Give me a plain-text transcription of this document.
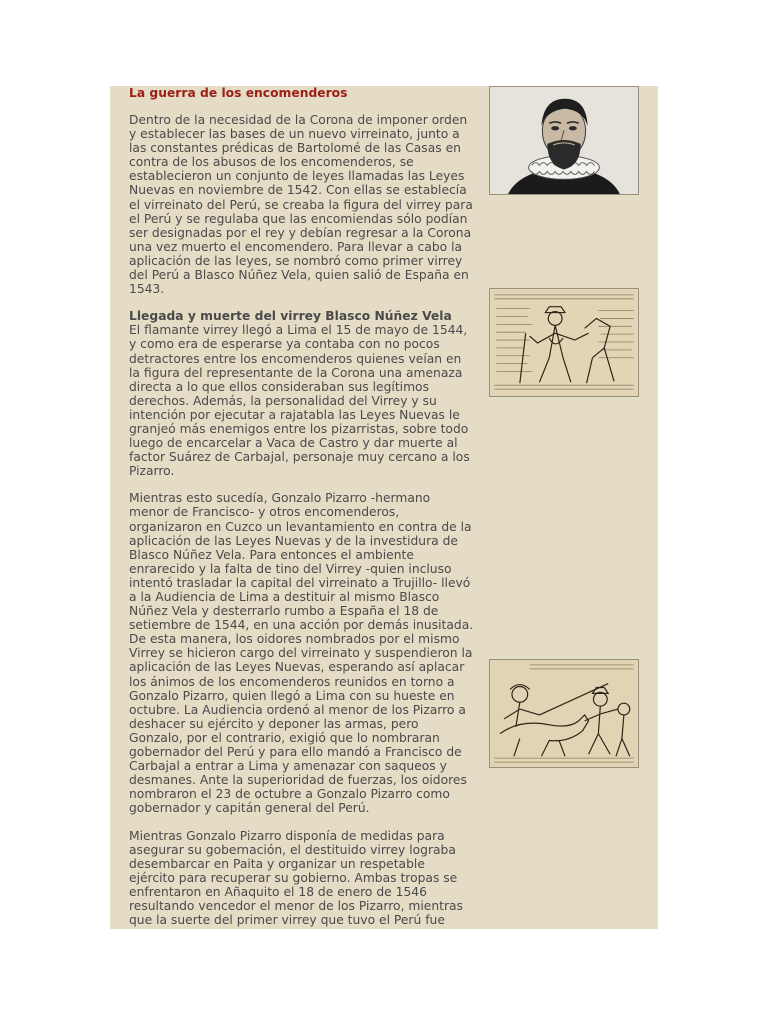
La guerra de los encomenderos

Dentro de la necesidad de la Corona de imponer orden y establecer las bases de un nuevo virreinato, junto a las constantes prédicas de Bartolomé de las Casas en contra de los abusos de los encomenderos, se establecieron un conjunto de leyes llamadas las Leyes Nuevas en noviembre de 1542. Con ellas se establecía el virreinato del Perú, se creaba la figura del virrey para el Perú y se regulaba que las encomiendas sólo podían ser designadas por el rey y debían regresar a la Corona una vez muerto el encomendero. Para llevar a cabo la aplicación de las leyes, se nombró como primer virrey del Perú a Blasco Núñez Vela, quien salió de España en 1543.

Llegada y muerte del virrey Blasco Núñez Vela

El flamante virrey llegó a Lima el 15 de mayo de 1544, y como era de esperarse ya contaba con no pocos detractores entre los encomenderos quienes veían en la figura del representante de la Corona una amenaza directa a lo que ellos consideraban sus legítimos derechos. Además, la personalidad del Virrey y su intención por ejecutar a rajatabla las Leyes Nuevas le granjeó más enemigos entre los pizarristas, sobre todo luego de encarcelar a Vaca de Castro y dar muerte al factor Suárez de Carbajal, personaje muy cercano a los Pizarro.

Mientras esto sucedía, Gonzalo Pizarro -hermano menor de Francisco- y otros encomenderos, organizaron en Cuzco un levantamiento en contra de la aplicación de las Leyes Nuevas y de la investidura de Blasco Núñez Vela. Para entonces el ambiente enrarecido y la falta de tino del Virrey -quien incluso intentó trasladar la capital del virreinato a Trujillo- llevó a la Audiencia de Lima a destituir al mismo Blasco Núñez Vela y desterrarlo rumbo a España el 18 de setiembre de 1544, en una acción por demás inusitada. De esta manera, los oidores nombrados por el mismo Virrey se hicieron cargo del virreinato y suspendieron la aplicación de las Leyes Nuevas, esperando así aplacar los ánimos de los encomenderos reunidos en torno a Gonzalo Pizarro, quien llegó a Lima con su hueste en octubre. La Audiencia ordenó al menor de los Pizarro a deshacer su ejército y deponer las armas, pero Gonzalo, por el contrario, exigió que lo nombraran gobernador del Perú y para ello mandó a Francisco de Carbajal a entrar a Lima y amenazar con saqueos y desmanes. Ante la superioridad de fuerzas, los oidores nombraron el 23 de octubre a Gonzalo Pizarro como gobernador y capitán general del Perú.

Mientras Gonzalo Pizarro disponía de medidas para asegurar su gobernación, el destituido virrey lograba desembarcar en Paita y organizar un respetable ejército para recuperar su gobierno. Ambas tropas se enfrentaron en Añaquito el 18 de enero de 1546 resultando vencedor el menor de los Pizarro, mientras que la suerte del primer virrey que tuvo el Perú fue
